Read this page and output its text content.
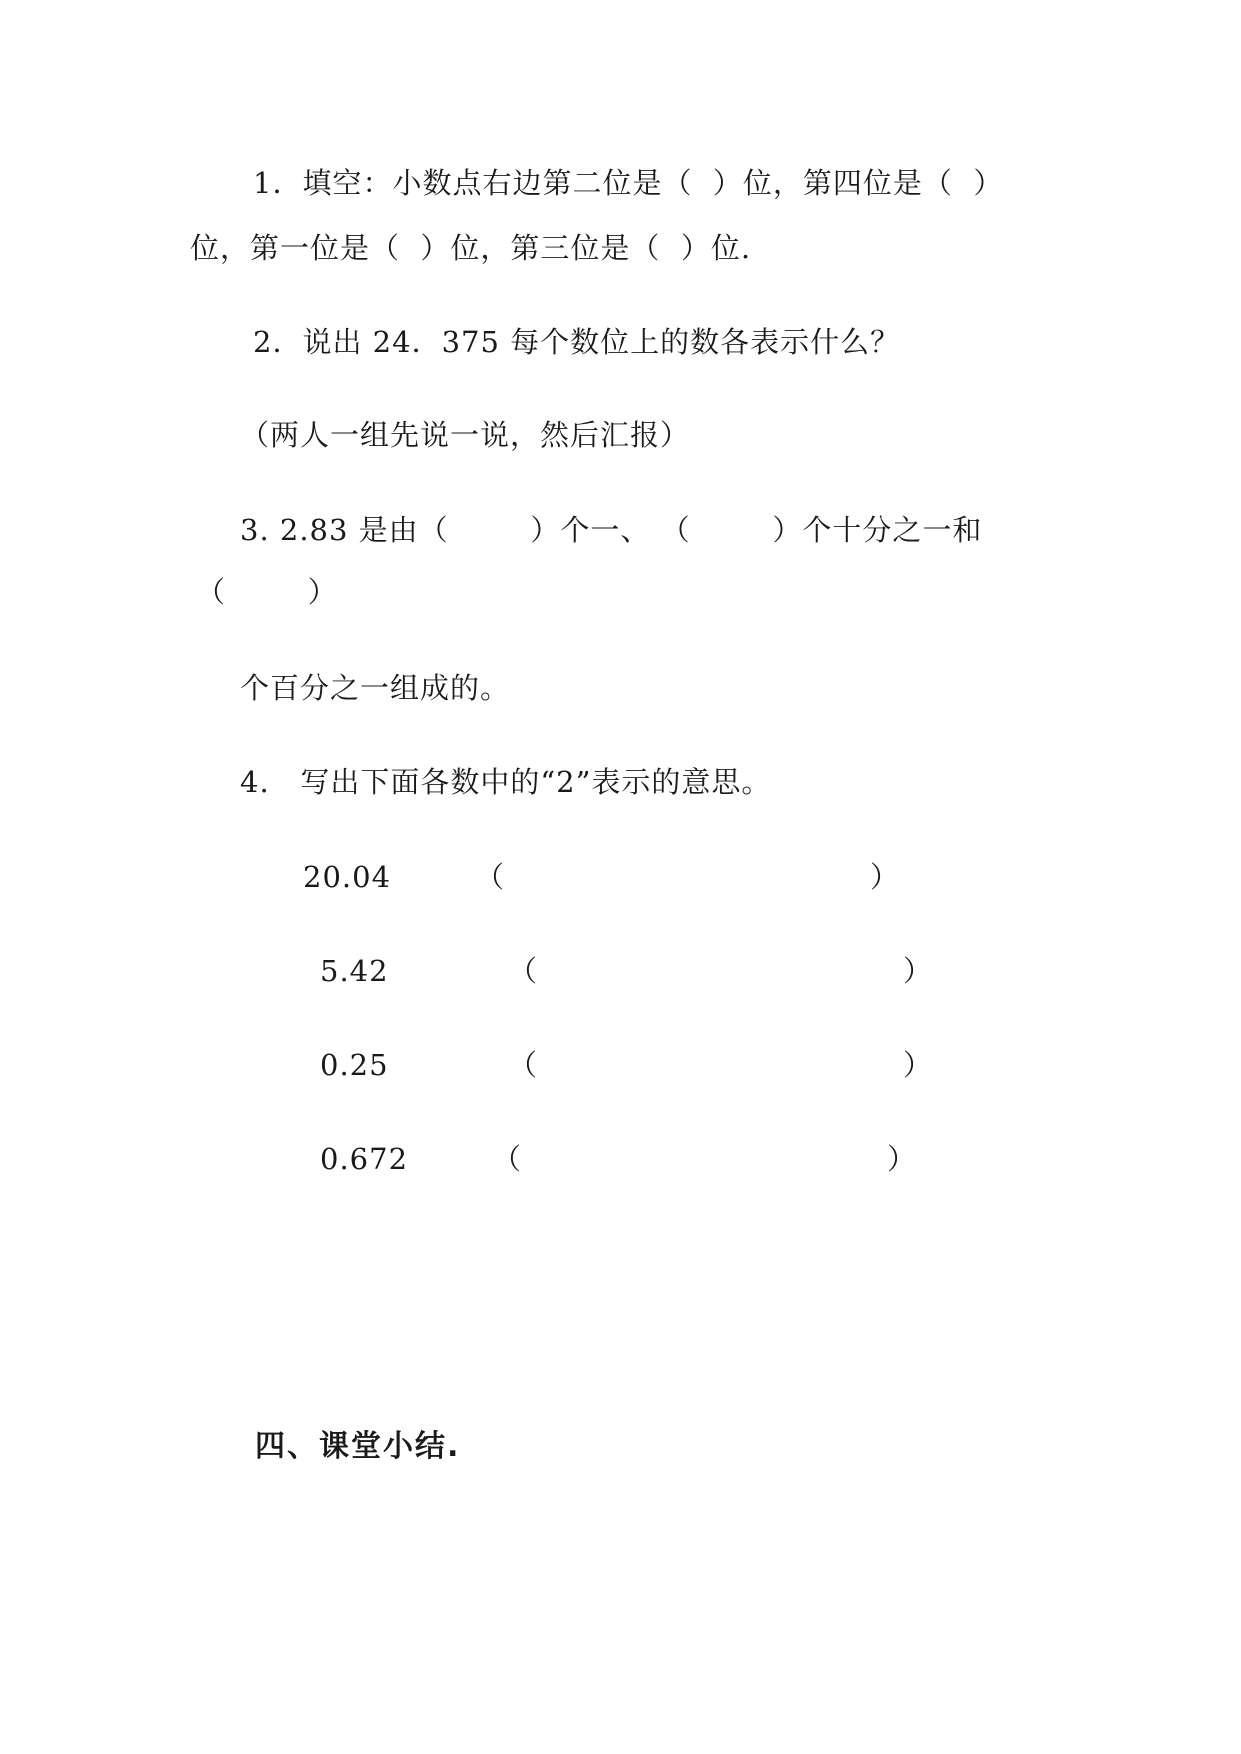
1．填空：小数点右边第二位是（  ）位，第四位是（  ）
位，第一位是（  ）位，第三位是（  ）位.
2．说出 24．375 每个数位上的数各表示什么？
（两人一组先说一说，然后汇报）
3. 2.83 是由（        ）个一、 （        ）个十分之一和
（        ）
个百分之一组成的。
4.   写出下面各数中的“2”表示的意思。
20.04	（	）
5.42	（	）
0.25	（	）
0.672	（	）
四、课堂小结.
